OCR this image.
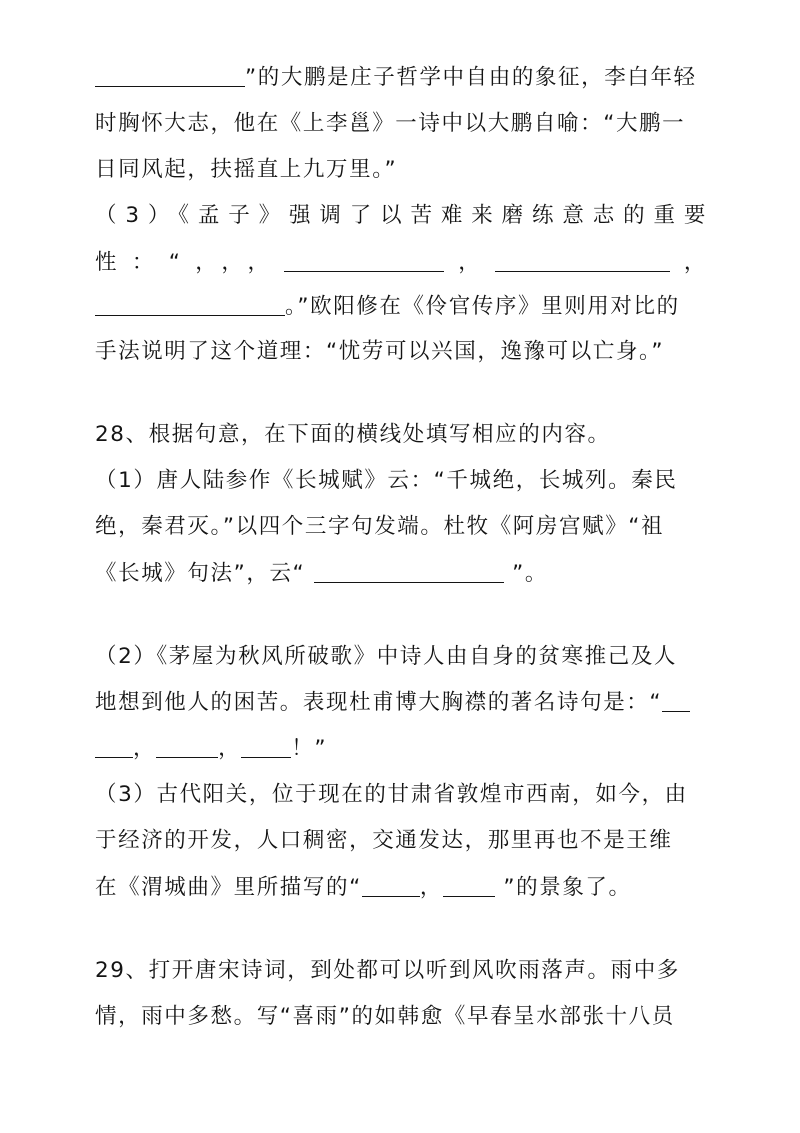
”的大鹏是庄子哲学中自由的象征，李白年轻
时胸怀大志，他在《上李邕》一诗中以大鹏自喻：“大鹏一
日同风起，扶摇直上九万里。”
（3）《孟子》强调了以苦难来磨练意志的重要
性：“，，，	，	，
。”欧阳修在《伶官传序》里则用对比的
手法说明了这个道理：“忧劳可以兴国，逸豫可以亡身。”
28、根据句意，在下面的横线处填写相应的内容。
（1）唐人陆参作《长城赋》云：“千城绝，长城列。秦民
绝，秦君灭。”以四个三字句发端。杜牧《阿房宫赋》“祖
《长城》句法”，云“	”。
（2）《茅屋为秋风所破歌》中诗人由自身的贫寒推己及人
地想到他人的困苦。表现杜甫博大胸襟的著名诗句是：“
，	， ！”
（3）古代阳关，位于现在的甘肃省敦煌市西南，如今，由
于经济的开发，人口稠密，交通发达，那里再也不是王维
在《渭城曲》里所描写的“	， ”的景象了。
29、打开唐宋诗词，到处都可以听到风吹雨落声。雨中多
情，雨中多愁。写“喜雨”的如韩愈《早春呈水部张十八员
